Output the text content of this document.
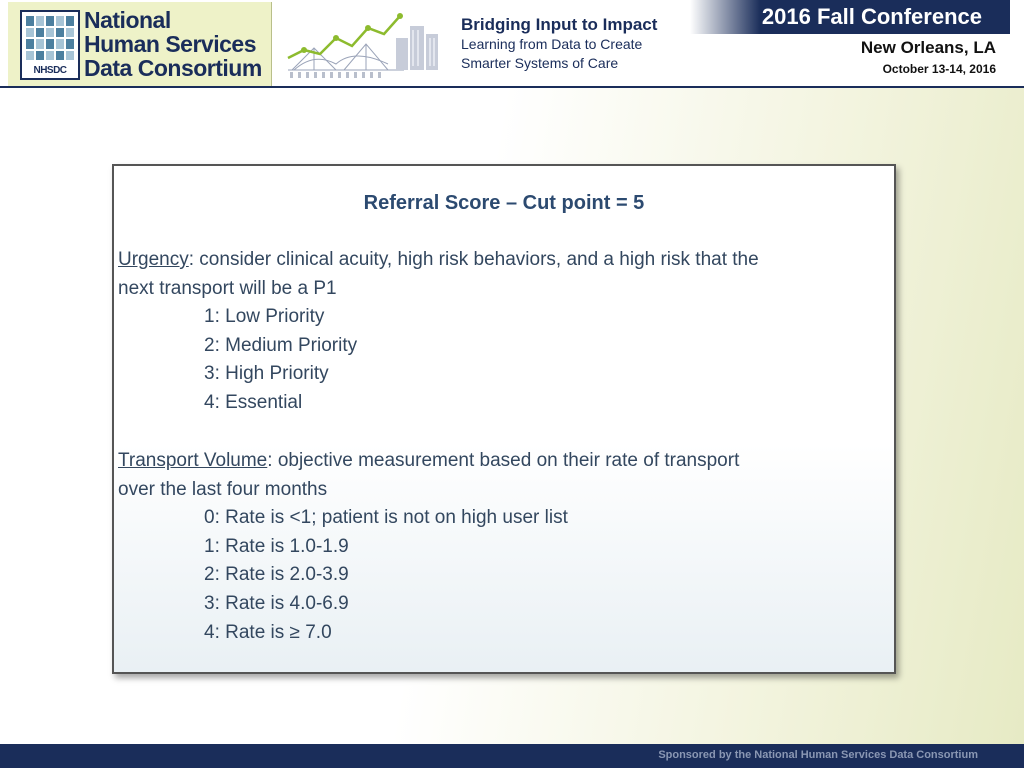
NHSDC
National
Human Services
Data Consortium
Bridging Input to Impact
Learning from Data to Create
Smarter Systems of Care
2016 Fall Conference
New Orleans, LA
October 13-14, 2016
Referral Score – Cut point = 5
Urgency: consider clinical acuity, high risk behaviors, and a high risk that the
next transport will be a P1
1: Low Priority
2: Medium Priority
3: High Priority
4: Essential
Transport Volume: objective measurement based on their rate of transport
over the last four months
0: Rate is <1; patient is not on high user list
1: Rate is 1.0-1.9
2: Rate is 2.0-3.9
3: Rate is 4.0-6.9
4: Rate is ≥ 7.0
Sponsored by the National Human Services Data Consortium
